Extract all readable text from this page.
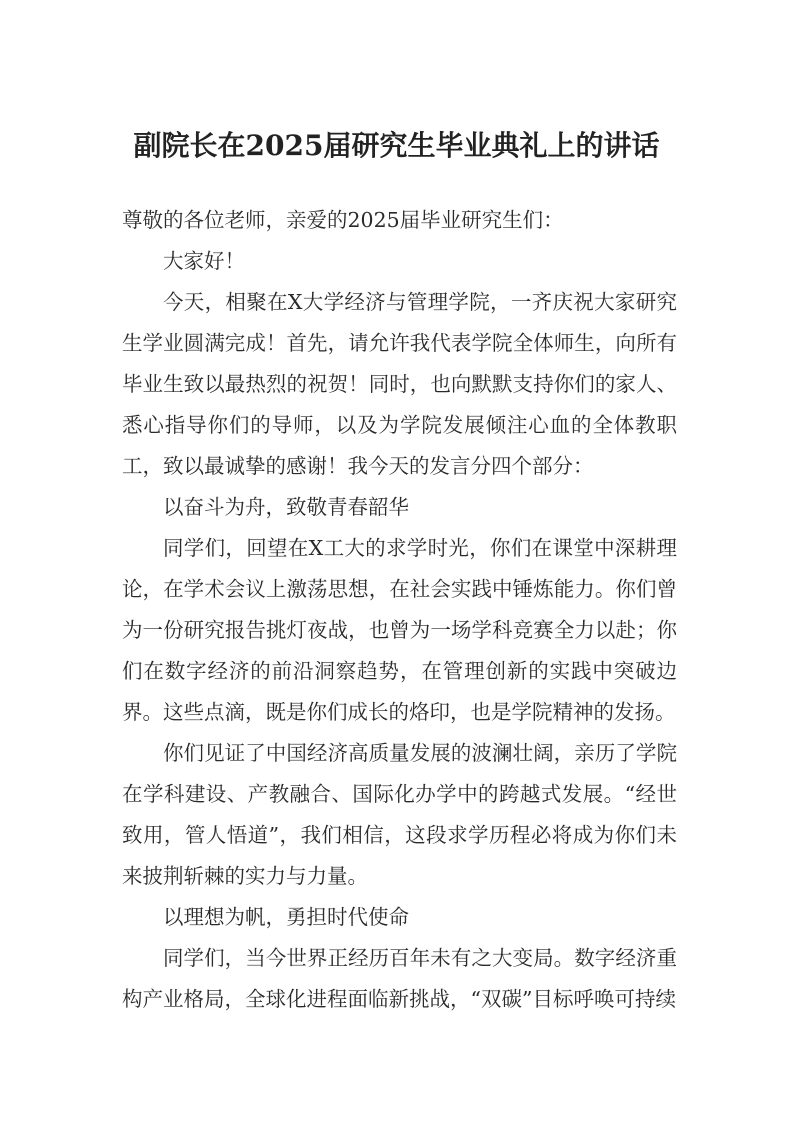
副院长在2025届研究生毕业典礼上的讲话

尊敬的各位老师，亲爱的2025届毕业研究生们：

大家好！

今天，相聚在X大学经济与管理学院，一齐庆祝大家研究生学业圆满完成！首先，请允许我代表学院全体师生，向所有毕业生致以最热烈的祝贺！同时，也向默默支持你们的家人、悉心指导你们的导师，以及为学院发展倾注心血的全体教职工，致以最诚挚的感谢！我今天的发言分四个部分：

以奋斗为舟，致敬青春韶华

同学们，回望在X工大的求学时光，你们在课堂中深耕理论，在学术会议上激荡思想，在社会实践中锤炼能力。你们曾为一份研究报告挑灯夜战，也曾为一场学科竞赛全力以赴；你们在数字经济的前沿洞察趋势，在管理创新的实践中突破边界。这些点滴，既是你们成长的烙印，也是学院精神的发扬。

你们见证了中国经济高质量发展的波澜壮阔，亲历了学院在学科建设、产教融合、国际化办学中的跨越式发展。“经世致用，管人悟道”，我们相信，这段求学历程必将成为你们未来披荆斩棘的实力与力量。

以理想为帆，勇担时代使命

同学们，当今世界正经历百年未有之大变局。数字经济重构产业格局，全球化进程面临新挑战，“双碳”目标呼唤可持续
